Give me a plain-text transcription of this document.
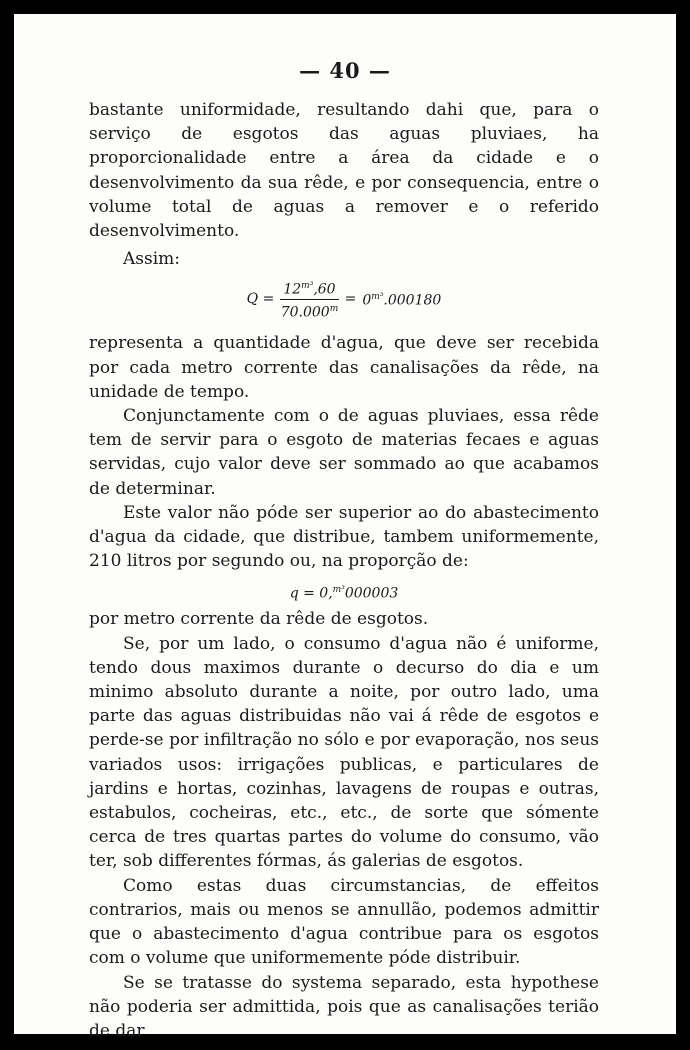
— 40 —

bastante uniformidade, resultando dahi que, para o serviço de esgotos das aguas pluviaes, ha proporcionalidade entre a área da cidade e o desenvolvimento da sua rêde, e por consequencia, entre o volume total de aguas a remover e o referido desenvolvimento.

Assim:

$Q = \frac{12^{m^3},60}{70.000^m} = 0^{m^3}.000180$

representa a quantidade d'agua, que deve ser recebida por cada metro corrente das canalisações da rêde, na unidade de tempo.

Conjunctamente com o de aguas pluviaes, essa rêde tem de servir para o esgoto de materias fecaes e aguas servidas, cujo valor deve ser sommado ao que acabamos de determinar.

Este valor não póde ser superior ao do abastecimento d'agua da cidade, que distribue, tambem uniformemente, 210 litros por segundo ou, na proporção de:

q = 0,$^{m^3}$000003

por metro corrente da rêde de esgotos.

Se, por um lado, o consumo d'agua não é uniforme, tendo dous maximos durante o decurso do dia e um minimo absoluto durante a noite, por outro lado, uma parte das aguas distribuidas não vai á rêde de esgotos e perde-se por infiltração no sólo e por evaporação, nos seus variados usos: irrigações publicas, e particulares de jardins e hortas, cozinhas, lavagens de roupas e outras, estabulos, cocheiras, etc., etc., de sorte que sómente cerca de tres quartas partes do volume do consumo, vão ter, sob differentes fórmas, ás galerias de esgotos.

Como estas duas circumstancias, de effeitos contrarios, mais ou menos se annullão, podemos admittir que o abastecimento d'agua contribue para os esgotos com o volume que uniformemente póde distribuir.

Se se tratasse do systema separado, esta hypothese não poderia ser admittida, pois que as canalisações terião de dar
